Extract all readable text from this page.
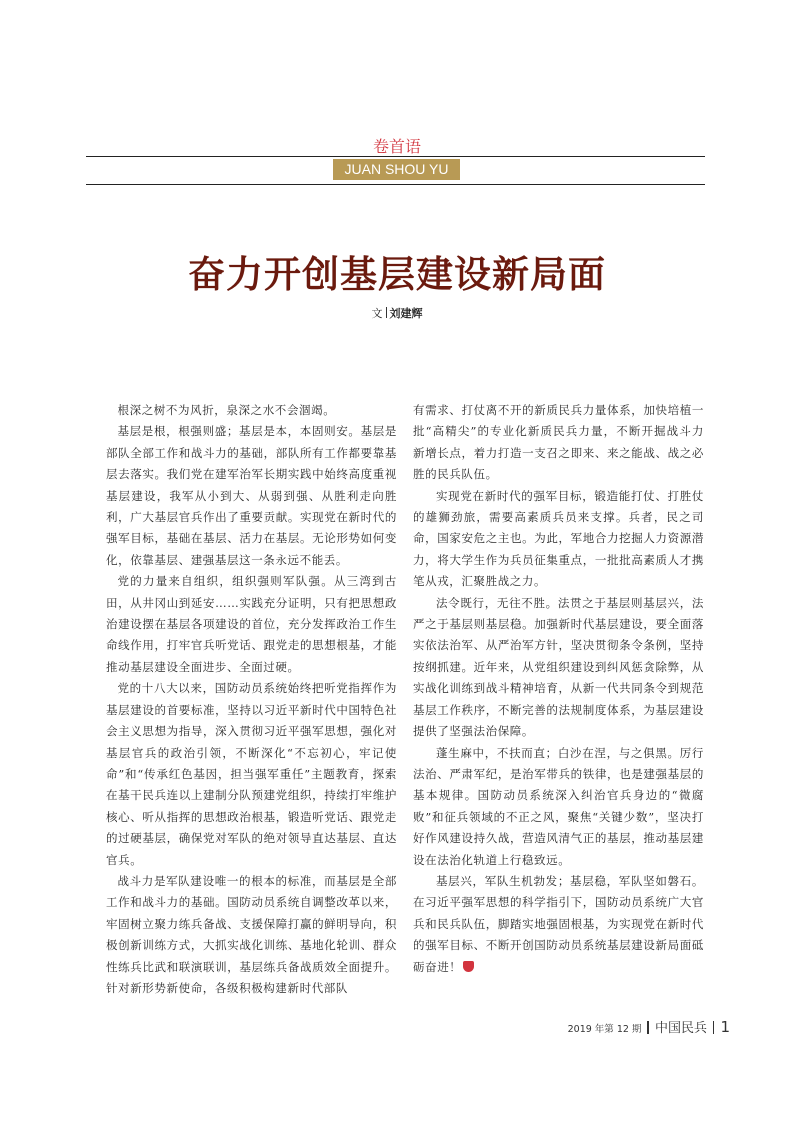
卷首语
JUAN SHOU YU
奋力开创基层建设新局面
文 刘建辉

根深之树不为风折，泉深之水不会涸竭。

基层是根，根强则盛；基层是本，本固则安。基层是部队全部工作和战斗力的基础，部队所有工作都要靠基层去落实。我们党在建军治军长期实践中始终高度重视基层建设，我军从小到大、从弱到强、从胜利走向胜利，广大基层官兵作出了重要贡献。实现党在新时代的强军目标，基础在基层、活力在基层。无论形势如何变化，依靠基层、建强基层这一条永远不能丢。

党的力量来自组织，组织强则军队强。从三湾到古田，从井冈山到延安……实践充分证明，只有把思想政治建设摆在基层各项建设的首位，充分发挥政治工作生命线作用，打牢官兵听党话、跟党走的思想根基，才能推动基层建设全面进步、全面过硬。

党的十八大以来，国防动员系统始终把听党指挥作为基层建设的首要标准，坚持以习近平新时代中国特色社会主义思想为指导，深入贯彻习近平强军思想，强化对基层官兵的政治引领，不断深化“不忘初心，牢记使命”和“传承红色基因，担当强军重任”主题教育，探索在基干民兵连以上建制分队预建党组织，持续打牢维护核心、听从指挥的思想政治根基，锻造听党话、跟党走的过硬基层，确保党对军队的绝对领导直达基层、直达官兵。

战斗力是军队建设唯一的根本的标准，而基层是全部工作和战斗力的基础。国防动员系统自调整改革以来，牢固树立聚力练兵备战、支援保障打赢的鲜明导向，积极创新训练方式，大抓实战化训练、基地化轮训、群众性练兵比武和联演联训，基层练兵备战质效全面提升。针对新形势新使命，各级积极构建新时代部队

有需求、打仗离不开的新质民兵力量体系，加快培植一批“高精尖”的专业化新质民兵力量，不断开掘战斗力新增长点，着力打造一支召之即来、来之能战、战之必胜的民兵队伍。

实现党在新时代的强军目标，锻造能打仗、打胜仗的雄狮劲旅，需要高素质兵员来支撑。兵者，民之司命，国家安危之主也。为此，军地合力挖掘人力资源潜力，将大学生作为兵员征集重点，一批批高素质人才携笔从戎，汇聚胜战之力。

法令既行，无往不胜。法贯之于基层则基层兴，法严之于基层则基层稳。加强新时代基层建设，要全面落实依法治军、从严治军方针，坚决贯彻条令条例，坚持按纲抓建。近年来，从党组织建设到纠风惩贪除弊，从实战化训练到战斗精神培育，从新一代共同条令到规范基层工作秩序，不断完善的法规制度体系，为基层建设提供了坚强法治保障。

蓬生麻中，不扶而直；白沙在涅，与之俱黑。厉行法治、严肃军纪，是治军带兵的铁律，也是建强基层的基本规律。国防动员系统深入纠治官兵身边的“微腐败”和征兵领域的不正之风，聚焦“关键少数”，坚决打好作风建设持久战，营造风清气正的基层，推动基层建设在法治化轨道上行稳致远。

基层兴，军队生机勃发；基层稳，军队坚如磐石。在习近平强军思想的科学指引下，国防动员系统广大官兵和民兵队伍，脚踏实地强固根基，为实现党在新时代的强军目标、不断开创国防动员系统基层建设新局面砥砺奋进！

2019 年第 12 期 中国民兵 1
